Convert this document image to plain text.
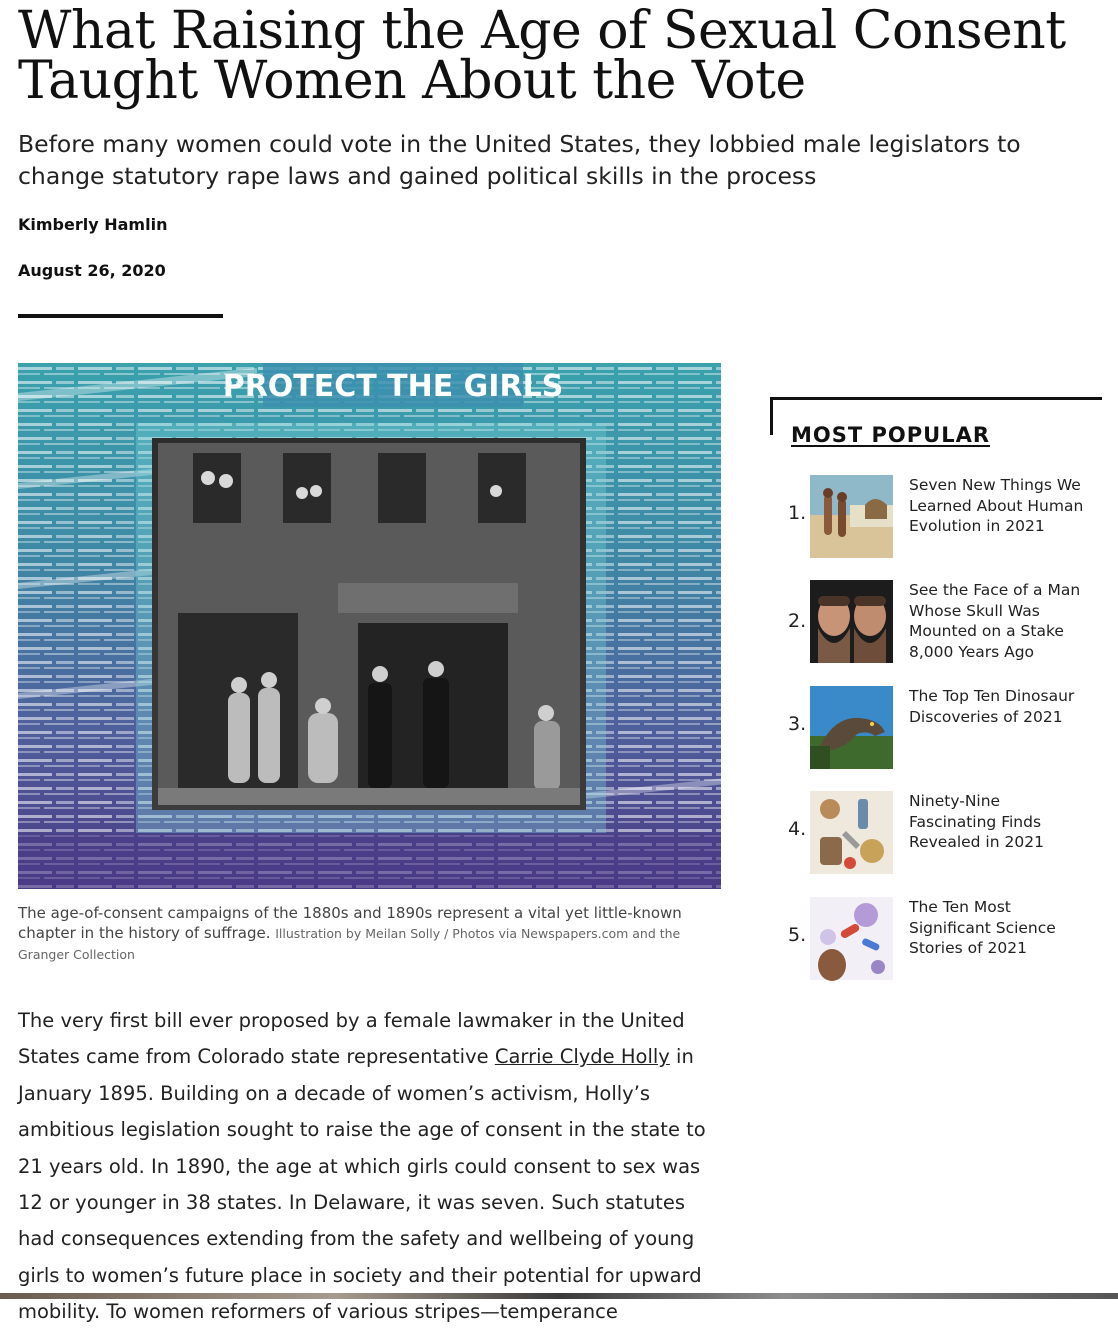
What Raising the Age of Sexual Consent Taught Women About the Vote

Before many women could vote in the United States, they lobbied male legislators to change statutory rape laws and gained political skills in the process

Kimberly Hamlin
August 26, 2020
PROTECT THE GIRLS

The age-of-consent campaigns of the 1880s and 1890s represent a vital yet little-known chapter in the history of suffrage. Illustration by Meilan Solly / Photos via Newspapers.com and the Granger Collection

The very first bill ever proposed by a female lawmaker in the United States came from Colorado state representative Carrie Clyde Holly in January 1895. Building on a decade of women’s activism, Holly’s ambitious legislation sought to raise the age of consent in the state to 21 years old. In 1890, the age at which girls could consent to sex was 12 or younger in 38 states. In Delaware, it was seven. Such statutes had consequences extending from the safety and wellbeing of young girls to women’s future place in society and their potential for upward mobility. To women reformers of various stripes—temperance
MOST POPULAR
1.
Seven New Things We Learned About Human Evolution in 2021
2.
See the Face of a Man Whose Skull Was Mounted on a Stake 8,000 Years Ago
3.
The Top Ten Dinosaur Discoveries of 2021
4.
Ninety-Nine Fascinating Finds Revealed in 2021
5.
The Ten Most Significant Science Stories of 2021
